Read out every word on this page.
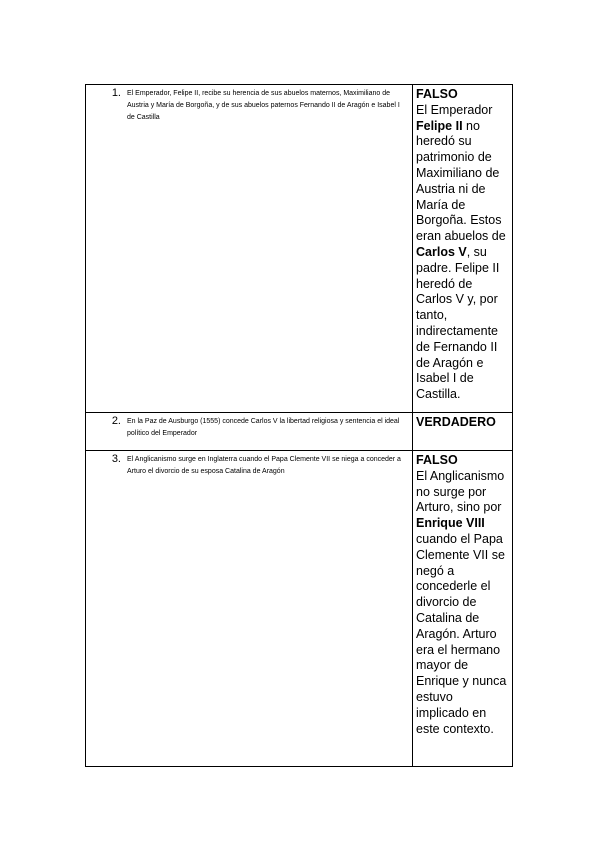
1. El Emperador, Felipe II, recibe su herencia de sus abuelos maternos, Maximiliano de Austria y María de Borgoña, y de sus abuelos paternos Fernando II de Aragón e Isabel I de Castilla	FALSO
El Emperador Felipe II no heredó su patrimonio de Maximiliano de Austria ni de María de Borgoña. Estos eran abuelos de Carlos V, su padre. Felipe II heredó de Carlos V y, por tanto, indirectamente de Fernando II de Aragón e Isabel I de Castilla.

2. En la Paz de Ausburgo (1555) concede Carlos V la libertad religiosa y sentencia el ideal político del Emperador	VERDADERO

3. El Anglicanismo surge en Inglaterra cuando el Papa Clemente VII se niega a conceder a Arturo el divorcio de su esposa Catalina de Aragón	FALSO
El Anglicanismo no surge por Arturo, sino por Enrique VIII cuando el Papa Clemente VII se negó a concederle el divorcio de Catalina de Aragón. Arturo era el hermano mayor de Enrique y nunca estuvo implicado en este contexto.
